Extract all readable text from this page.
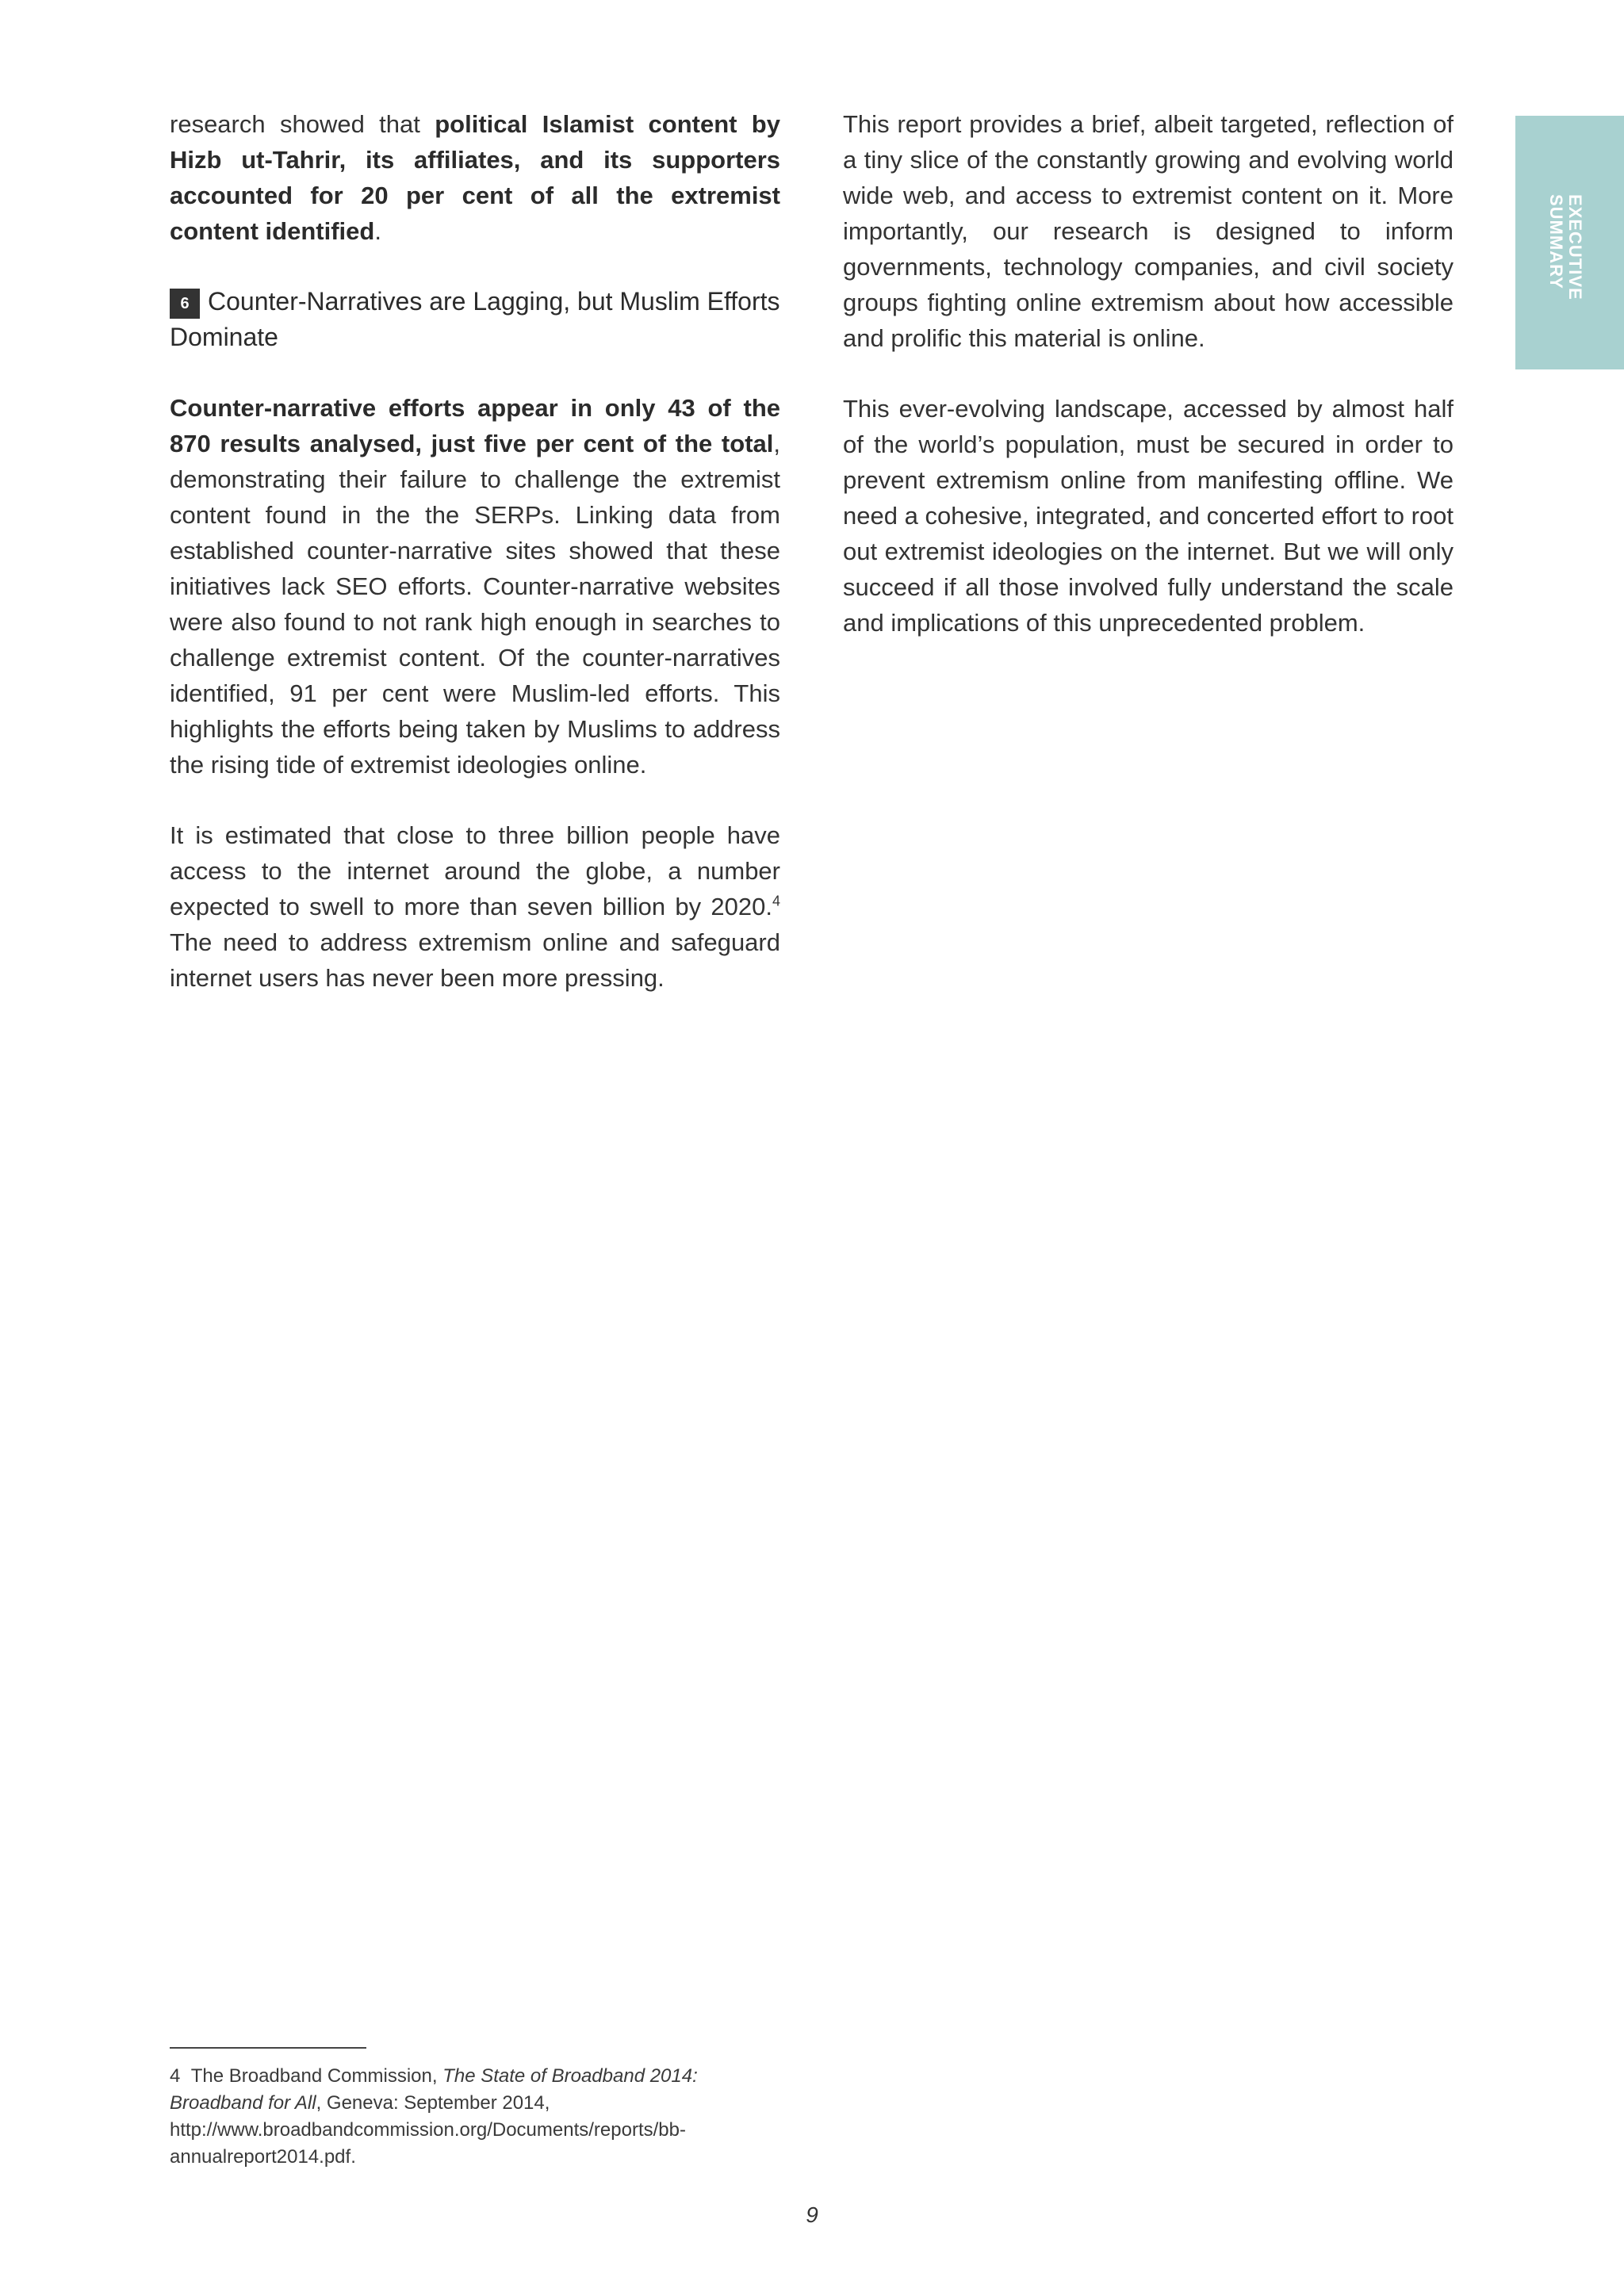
EXECUTIVE
SUMMARY

research showed that political Islamist content by Hizb ut-Tahrir, its affiliates, and its supporters accounted for 20 per cent of all the extremist content identified.

6 Counter-Narratives are Lagging, but Muslim Efforts Dominate

Counter-narrative efforts appear in only 43 of the 870 results analysed, just five per cent of the total, demonstrating their failure to challenge the extremist content found in the the SERPs. Linking data from established counter-narrative sites showed that these initiatives lack SEO efforts. Counter-narrative websites were also found to not rank high enough in searches to challenge extremist content. Of the counter-narratives identified, 91 per cent were Muslim-led efforts. This highlights the efforts being taken by Muslims to address the rising tide of extremist ideologies online.

It is estimated that close to three billion people have access to the internet around the globe, a number expected to swell to more than seven billion by 2020.$^4$ The need to address extremism online and safeguard internet users has never been more pressing.

This report provides a brief, albeit targeted, reflection of a tiny slice of the constantly growing and evolving world wide web, and access to extremist content on it. More importantly, our research is designed to inform governments, technology companies, and civil society groups fighting online extremism about how accessible and prolific this material is online.

This ever-evolving landscape, accessed by almost half of the world’s population, must be secured in order to prevent extremism online from manifesting offline. We need a cohesive, integrated, and concerted effort to root out extremist ideologies on the internet. But we will only succeed if all those involved fully understand the scale and implications of this unprecedented problem.

4 The Broadband Commission, The State of Broadband 2014: Broadband for All, Geneva: September 2014, http://www.broadbandcommission.org/Documents/reports/bb-annualreport2014.pdf.
9
